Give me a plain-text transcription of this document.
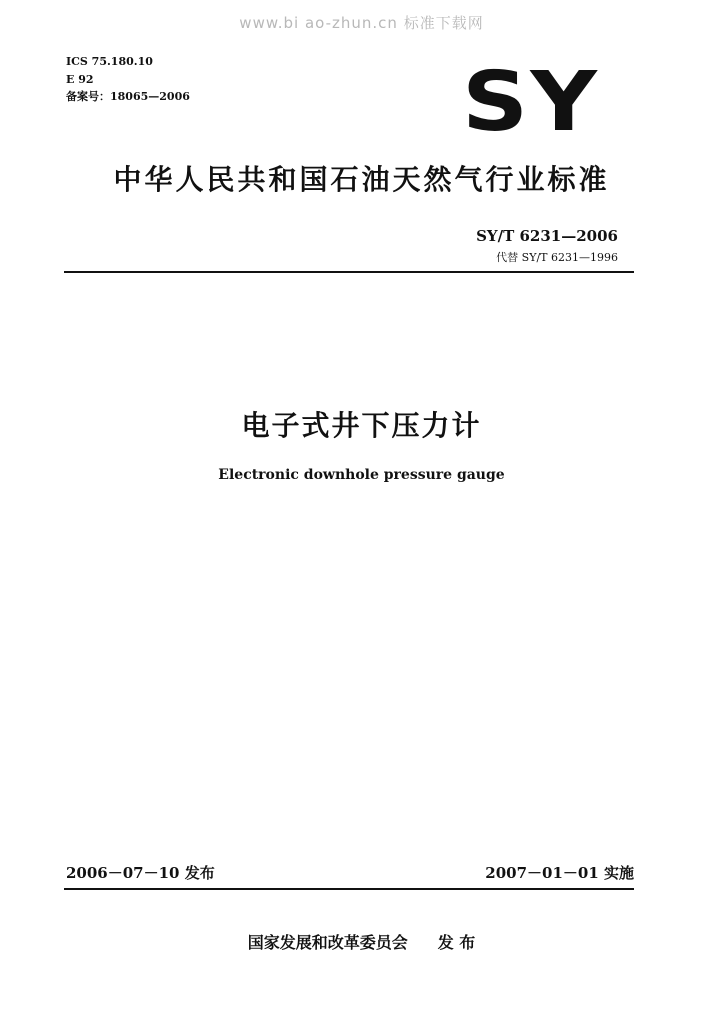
www.bi ao-zhun.cn 标准下载网
ICS 75.180.10
E 92
备案号：18065—2006	SY
中华人民共和国石油天然气行业标准
SY/T 6231—2006
代替 SY/T 6231—1996
电子式井下压力计
Electronic downhole pressure gauge
2006－07－10 发布	2007－01－01 实施
国家发展和改革委员会 发 布
